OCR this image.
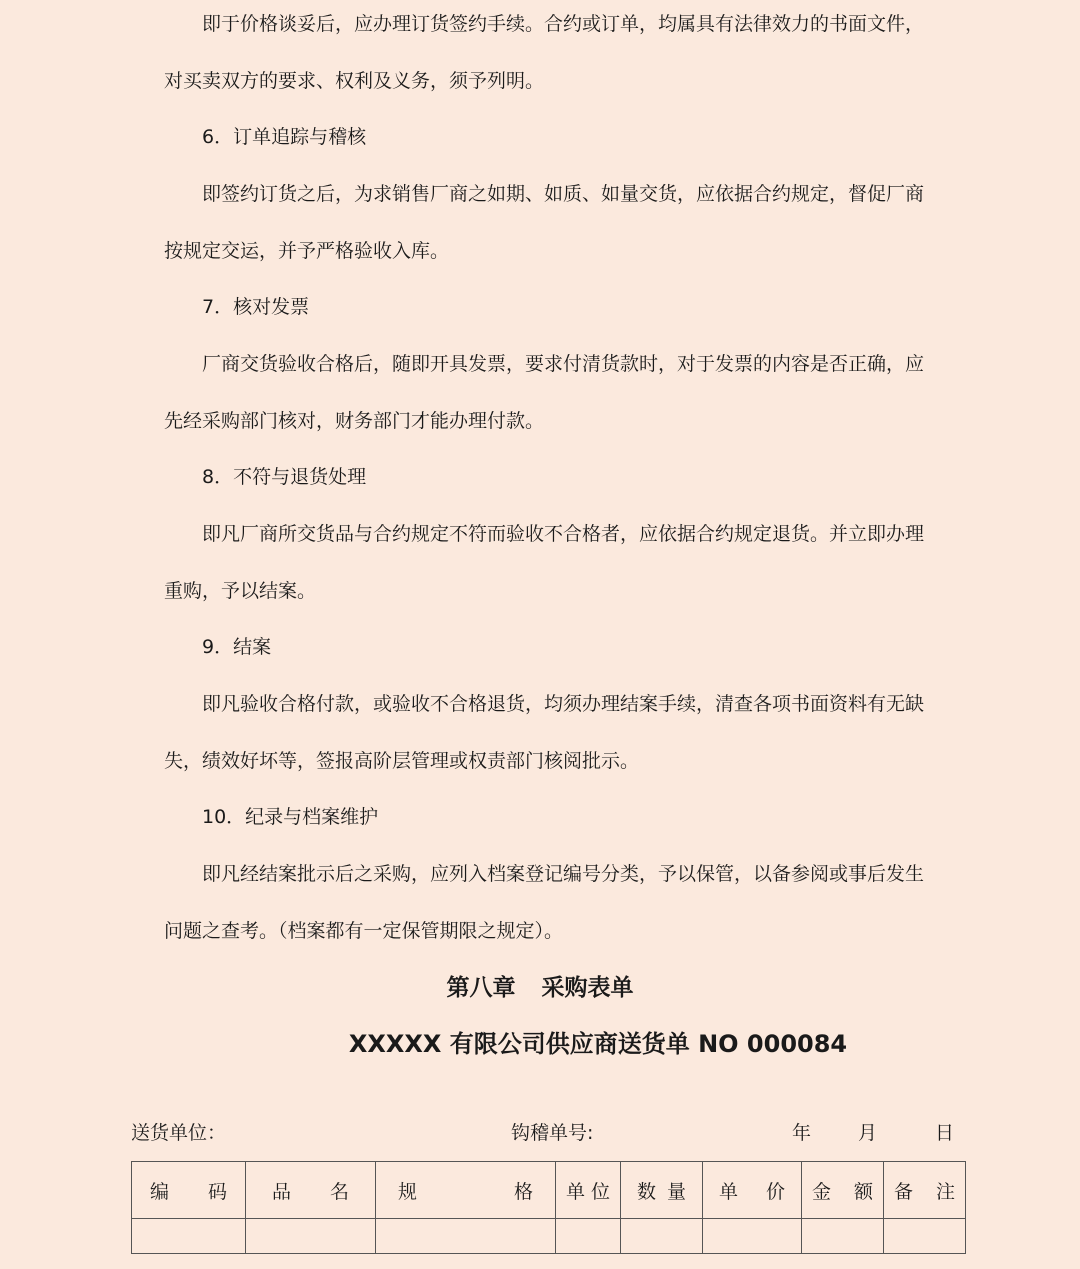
即于价格谈妥后，应办理订货签约手续。合约或订单，均属具有法律效力的书面文件，

对买卖双方的要求、权利及义务，须予列明。

6．订单追踪与稽核

即签约订货之后，为求销售厂商之如期、如质、如量交货，应依据合约规定，督促厂商

按规定交运，并予严格验收入库。

7．核对发票

厂商交货验收合格后，随即开具发票，要求付清货款时，对于发票的内容是否正确，应

先经采购部门核对，财务部门才能办理付款。

8．不符与退货处理

即凡厂商所交货品与合约规定不符而验收不合格者，应依据合约规定退货。并立即办理

重购，予以结案。

9．结案

即凡验收合格付款，或验收不合格退货，均须办理结案手续，清查各项书面资料有无缺

失，绩效好坏等，签报高阶层管理或权责部门核阅批示。

10．纪录与档案维护

即凡经结案批示后之采购，应列入档案登记编号分类，予以保管，以备参阅或事后发生

问题之查考。（档案都有一定保管期限之规定）。

第八章 采购表单
XXXXX 有限公司供应商送货单 NO 000084
送货单位：	钩稽单号:	年 月	日
编 码	品 名	规 格	单 位	数 量	单 价	金 额	备 注
